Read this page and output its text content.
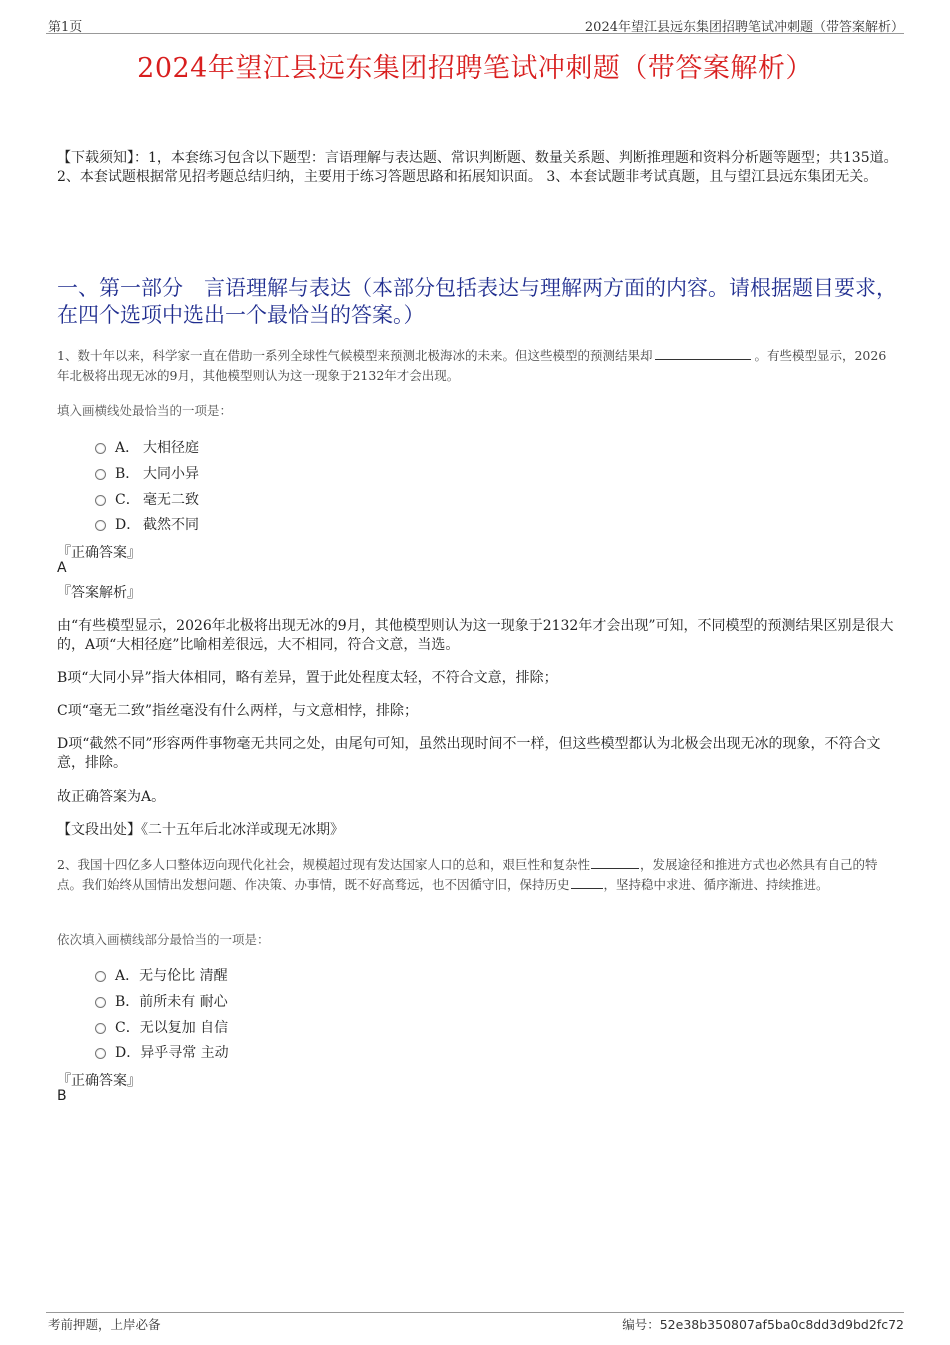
第1页	2024年望江县远东集团招聘笔试冲刺题（带答案解析）
2024年望江县远东集团招聘笔试冲刺题（带答案解析）
【下载须知】：1，本套练习包含以下题型：言语理解与表达题、常识判断题、数量关系题、判断推理题和资料分析题等题型；共135道。 2、本套试题根据常见招考题总结归纳，主要用于练习答题思路和拓展知识面。 3、本套试题非考试真题，且与望江县远东集团无关。
一、第一部分　言语理解与表达（本部分包括表达与理解两方面的内容。请根据题目要求，在四个选项中选出一个最恰当的答案。）
1、数十年以来，科学家一直在借助一系列全球性气候模型来预测北极海冰的未来。但这些模型的预测结果却	。有些模型显示，2026年北极将出现无冰的9月，其他模型则认为这一现象于2132年才会出现。
填入画横线处最恰当的一项是：
A． 大相径庭
B． 大同小异
C． 毫无二致
D． 截然不同
『正确答案』
A
『答案解析』
由“有些模型显示，2026年北极将出现无冰的9月，其他模型则认为这一现象于2132年才会出现”可知，不同模型的预测结果区别是很大的，A项“大相径庭”比喻相差很远，大不相同，符合文意，当选。
B项“大同小异”指大体相同，略有差异，置于此处程度太轻，不符合文意，排除；
C项“毫无二致”指丝毫没有什么两样，与文意相悖，排除；
D项“截然不同”形容两件事物毫无共同之处，由尾句可知，虽然出现时间不一样，但这些模型都认为北极会出现无冰的现象，不符合文意，排除。
故正确答案为A。
【文段出处】《二十五年后北冰洋或现无冰期》
2、我国十四亿多人口整体迈向现代化社会，规模超过现有发达国家人口的总和，艰巨性和复杂性	，发展途径和推进方式也必然具有自己的特点。我们始终从国情出发想问题、作决策、办事情，既不好高骛远，也不因循守旧，保持历史	，坚持稳中求进、循序渐进、持续推进。
依次填入画横线部分最恰当的一项是：
A． 无与伦比 清醒
B． 前所未有 耐心
C． 无以复加 自信
D． 异乎寻常 主动
『正确答案』
B
考前押题，上岸必备	编号：52e38b350807af5ba0c8dd3d9bd2fc72
